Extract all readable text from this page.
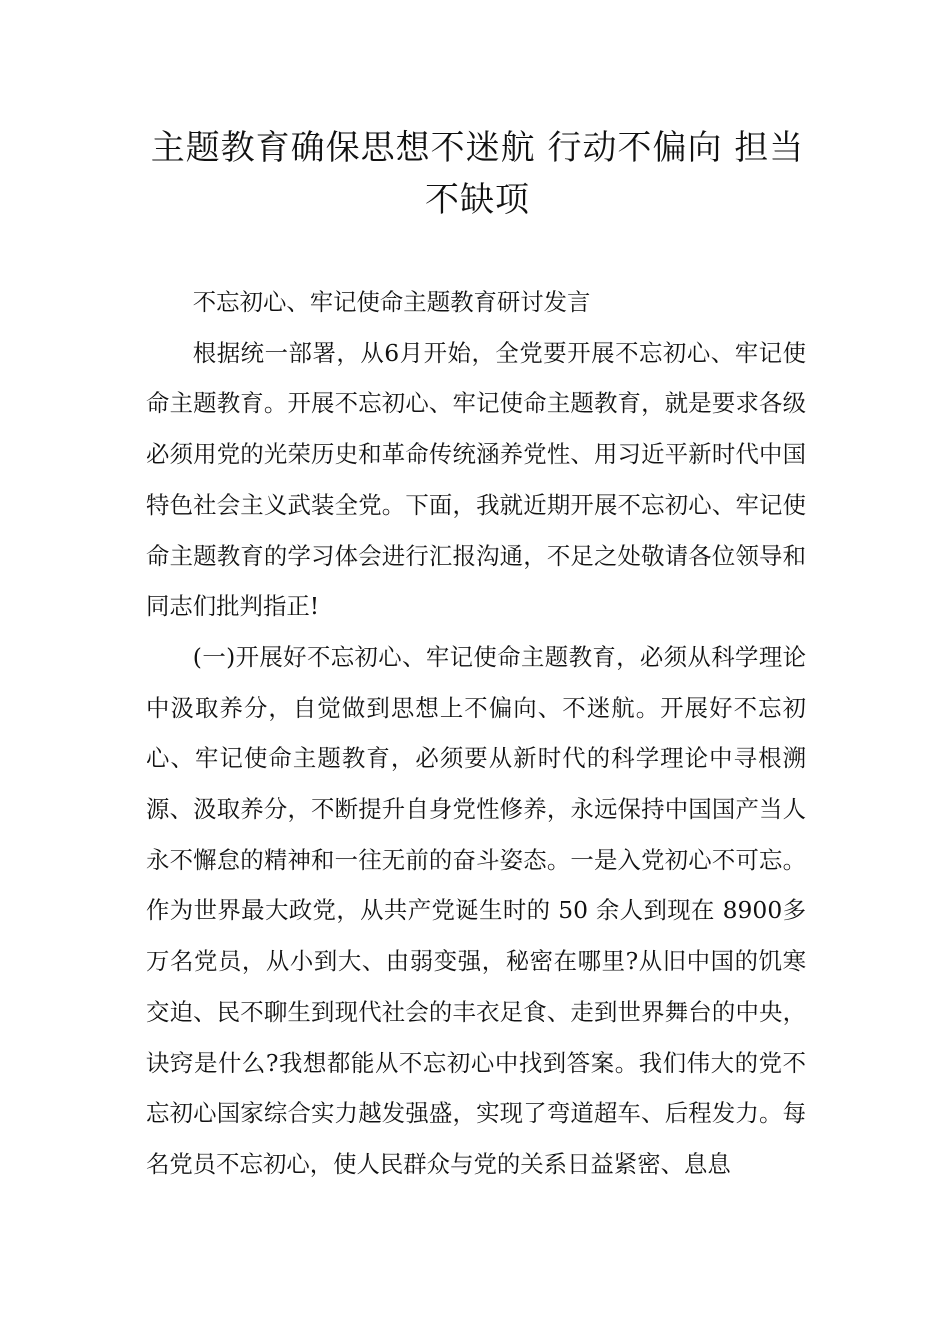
主题教育确保思想不迷航 行动不偏向 担当不缺项

不忘初心、牢记使命主题教育研讨发言

根据统一部署，从6月开始，全党要开展不忘初心、牢记使命主题教育。开展不忘初心、牢记使命主题教育，就是要求各级必须用党的光荣历史和革命传统涵养党性、用习近平新时代中国特色社会主义武装全党。下面，我就近期开展不忘初心、牢记使命主题教育的学习体会进行汇报沟通，不足之处敬请各位领导和同志们批判指正!

(一)开展好不忘初心、牢记使命主题教育，必须从科学理论中汲取养分，自觉做到思想上不偏向、不迷航。开展好不忘初心、牢记使命主题教育，必须要从新时代的科学理论中寻根溯源、汲取养分，不断提升自身党性修养，永远保持中国国产当人永不懈怠的精神和一往无前的奋斗姿态。一是入党初心不可忘。作为世界最大政党，从共产党诞生时的 50 余人到现在 8900多万名党员，从小到大、由弱变强，秘密在哪里?从旧中国的饥寒交迫、民不聊生到现代社会的丰衣足食、走到世界舞台的中央，诀窍是什么?我想都能从不忘初心中找到答案。我们伟大的党不忘初心国家综合实力越发强盛，实现了弯道超车、后程发力。每名党员不忘初心，使人民群众与党的关系日益紧密、息息
